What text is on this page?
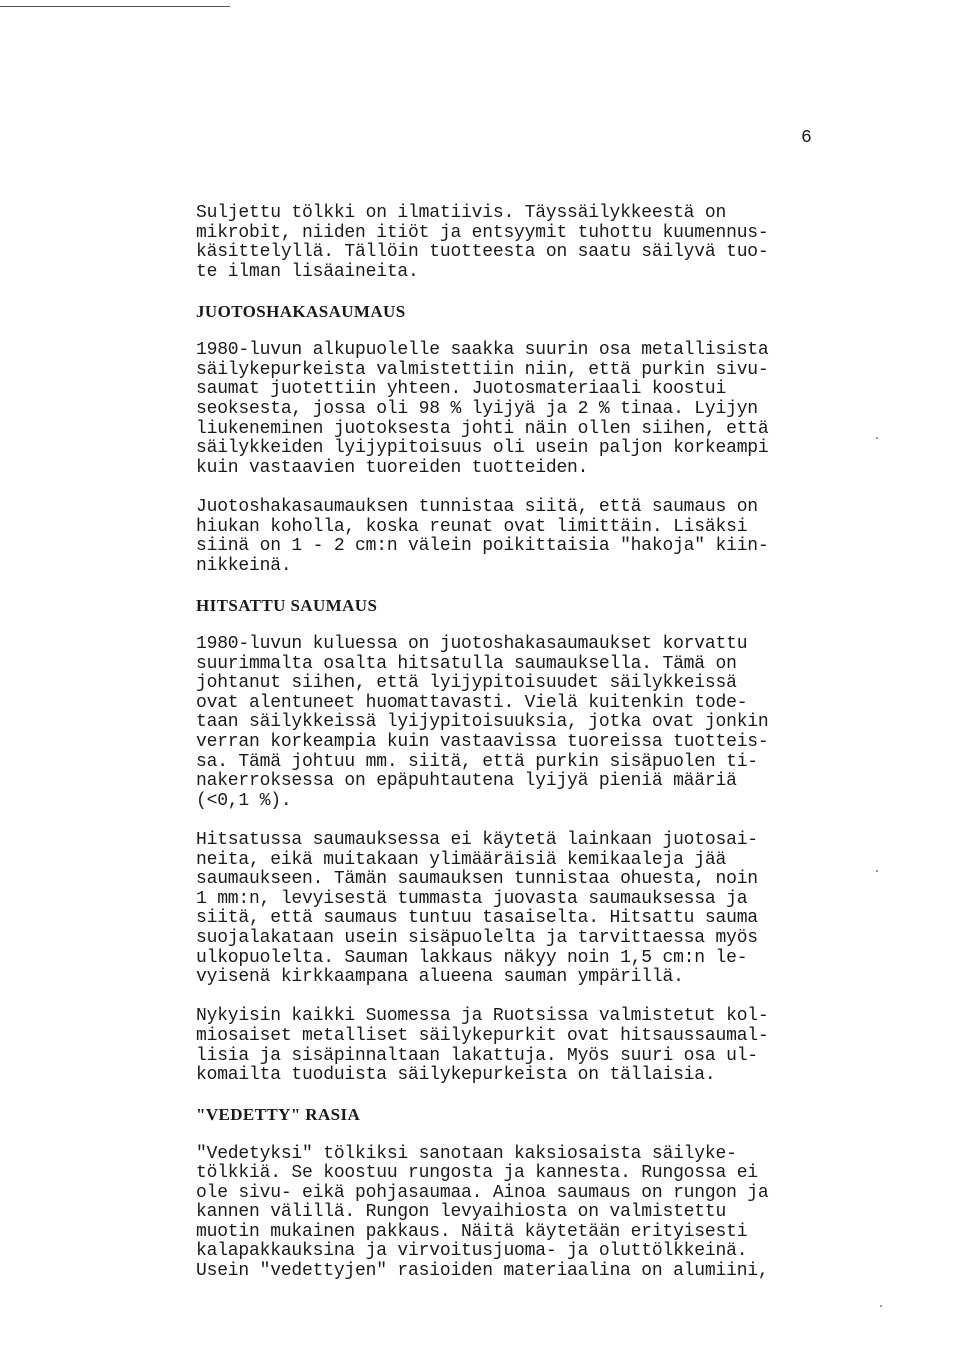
6
Suljettu tölkki on ilmatiivis. Täyssäilykkeestä on
mikrobit, niiden itiöt ja entsyymit tuhottu kuumennus-
käsittelyllä. Tällöin tuotteesta on saatu säilyvä tuo-
te ilman lisäaineita.
JUOTOSHAKASAUMAUS
1980-luvun alkupuolelle saakka suurin osa metallisista
säilykepurkeista valmistettiin niin, että purkin sivu-
saumat juotettiin yhteen. Juotosmateriaali koostui
seoksesta, jossa oli 98 % lyijyä ja 2 % tinaa. Lyijyn
liukeneminen juotoksesta johti näin ollen siihen, että
säilykkeiden lyijypitoisuus oli usein paljon korkeampi
kuin vastaavien tuoreiden tuotteiden.
Juotoshakasaumauksen tunnistaa siitä, että saumaus on
hiukan koholla, koska reunat ovat limittäin. Lisäksi
siinä on 1 - 2 cm:n välein poikittaisia "hakoja" kiin-
nikkeinä.
HITSATTU SAUMAUS
1980-luvun kuluessa on juotoshakasaumaukset korvattu
suurimmalta osalta hitsatulla saumauksella. Tämä on
johtanut siihen, että lyijypitoisuudet säilykkeissä
ovat alentuneet huomattavasti. Vielä kuitenkin tode-
taan säilykkeissä lyijypitoisuuksia, jotka ovat jonkin
verran korkeampia kuin vastaavissa tuoreissa tuotteis-
sa. Tämä johtuu mm. siitä, että purkin sisäpuolen ti-
nakerroksessa on epäpuhtautena lyijyä pieniä määriä
(<0,1 %).
Hitsatussa saumauksessa ei käytetä lainkaan juotosai-
neita, eikä muitakaan ylimääräisiä kemikaaleja jää
saumaukseen. Tämän saumauksen tunnistaa ohuesta, noin
1 mm:n, levyisestä tummasta juovasta saumauksessa ja
siitä, että saumaus tuntuu tasaiselta. Hitsattu sauma
suojalakataan usein sisäpuolelta ja tarvittaessa myös
ulkopuolelta. Sauman lakkaus näkyy noin 1,5 cm:n le-
vyisenä kirkkaampana alueena sauman ympärillä.
Nykyisin kaikki Suomessa ja Ruotsissa valmistetut kol-
miosaiset metalliset säilykepurkit ovat hitsaussaumal-
lisia ja sisäpinnaltaan lakattuja. Myös suuri osa ul-
komailta tuoduista säilykepurkeista on tällaisia.
"VEDETTY" RASIA
"Vedetyksi" tölkiksi sanotaan kaksiosaista säilyke-
tölkkiä. Se koostuu rungosta ja kannesta. Rungossa ei
ole sivu- eikä pohjasaumaa. Ainoa saumaus on rungon ja
kannen välillä. Rungon levyaihiosta on valmistettu
muotin mukainen pakkaus. Näitä käytetään erityisesti
kalapakkauksina ja virvoitusjuoma- ja oluttölkkeinä.
Usein "vedettyjen" rasioiden materiaalina on alumiini,
